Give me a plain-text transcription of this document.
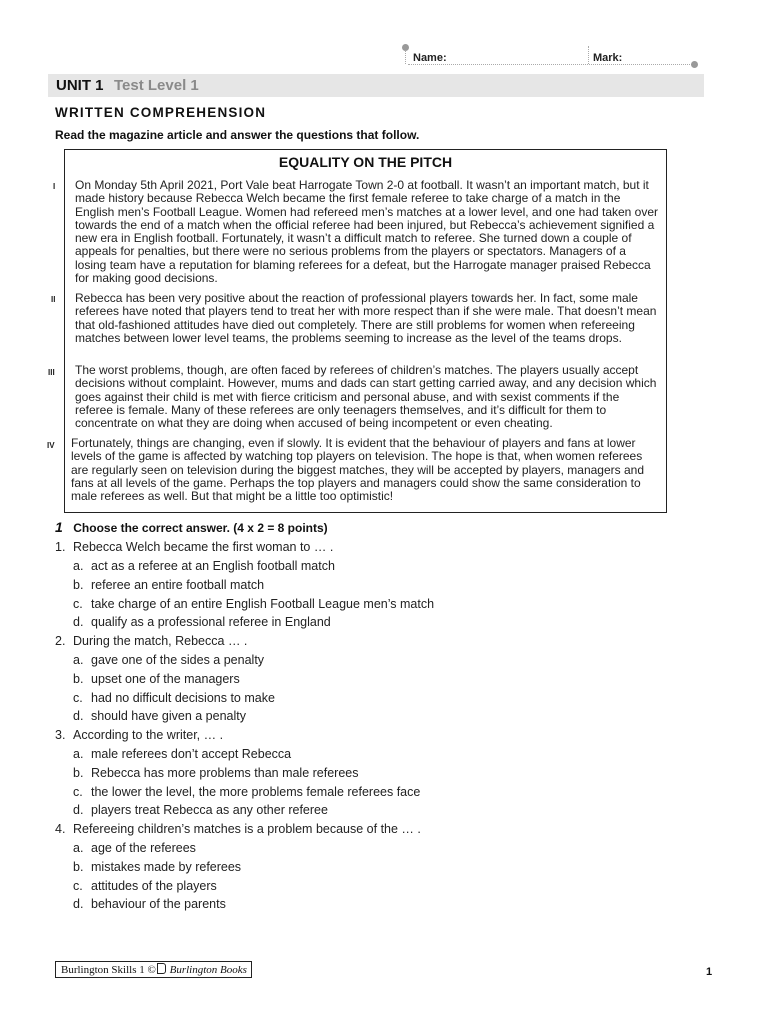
Name:	Mark:
UNIT 1 Test Level 1
WRITTEN COMPREHENSION
Read the magazine article and answer the questions that follow.
I
II
III
IV
EQUALITY ON THE PITCH
On Monday 5th April 2021, Port Vale beat Harrogate Town 2-0 at football. It wasn’t an important match, but it made history because Rebecca Welch became the first female referee to take charge of a match in the English men’s Football League. Women had refereed men’s matches at a lower level, and one had taken over towards the end of a match when the official referee had been injured, but Rebecca’s achievement signified a new era in English football. Fortunately, it wasn’t a difficult match to referee. She turned down a couple of appeals for penalties, but there were no serious problems from the players or spectators. Managers of a losing team have a reputation for blaming referees for a defeat, but the Harrogate manager praised Rebecca for making good decisions.
Rebecca has been very positive about the reaction of professional players towards her. In fact, some male referees have noted that players tend to treat her with more respect than if she were male. That doesn’t mean that old-fashioned attitudes have died out completely. There are still problems for women when refereeing matches between lower level teams, the problems seeming to increase as the level of the teams drops.
The worst problems, though, are often faced by referees of children’s matches. The players usually accept decisions without complaint. However, mums and dads can start getting carried away, and any decision which goes against their child is met with fierce criticism and personal abuse, and with sexist comments if the referee is female. Many of these referees are only teenagers themselves, and it’s difficult for them to concentrate on what they are doing when accused of being incompetent or even cheating.
Fortunately, things are changing, even if slowly. It is evident that the behaviour of players and fans at lower levels of the game is affected by watching top players on television. The hope is that, when women referees are regularly seen on television during the biggest matches, they will be accepted by players, managers and fans at all levels of the game. Perhaps the top players and managers could show the same consideration to male referees as well. But that might be a little too optimistic!
1 Choose the correct answer. (4 x 2 = 8 points)
1. Rebecca Welch became the first woman to … .
a. act as a referee at an English football match
b. referee an entire football match
c. take charge of an entire English Football League men’s match
d. qualify as a professional referee in England
2. During the match, Rebecca … .
a. gave one of the sides a penalty
b. upset one of the managers
c. had no difficult decisions to make
d. should have given a penalty
3. According to the writer, … .
a. male referees don’t accept Rebecca
b. Rebecca has more problems than male referees
c. the lower the level, the more problems female referees face
d. players treat Rebecca as any other referee
4. Refereeing children’s matches is a problem because of the … .
a. age of the referees
b. mistakes made by referees
c. attitudes of the players
d. behaviour of the parents
Burlington Skills 1 © Burlington Books	1
